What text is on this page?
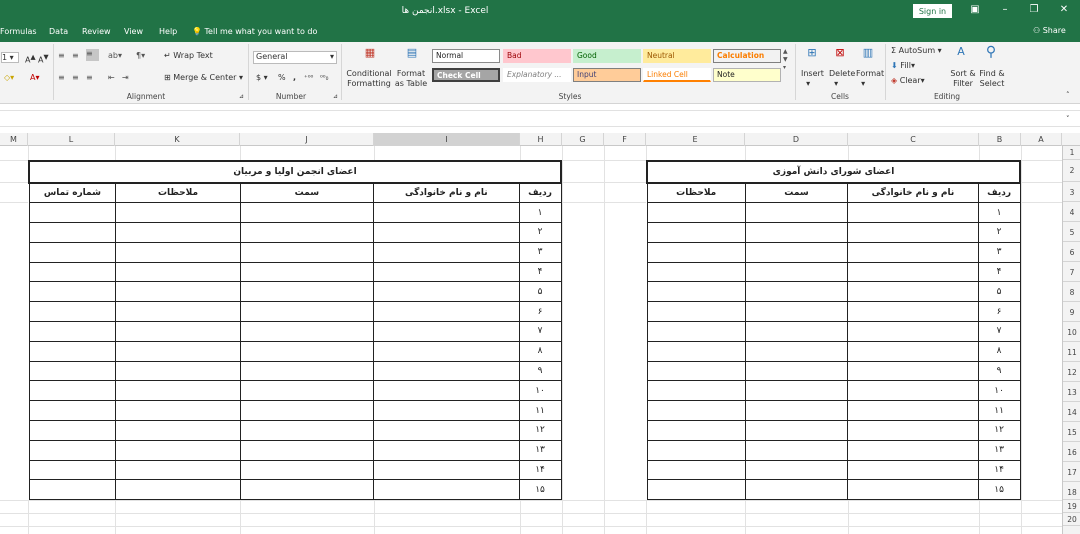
انجمن ها.xlsx - Excel	Sign in	▣	–	❐	✕
Formulas Data Review View Help 💡 Tell me what you want to do	⚇ Share
1 ▾	A▲ A▼
◇▾ A▾
≡ ≡ ≡	ab▾ ¶▾ ↵ Wrap Text
≡ ≡ ≡ ⇤ ⇥	⊞ Merge & Center ▾
Alignment	⊿
General	▾
$ ▾ % , ⁺⁰⁰ ⁰⁰₀
Number	⊿
▦
Conditional Formatting
▤
Format as Table
Normal	Bad	Good	Neutral	Calculation
Check Cell	Explanatory ...	Input	Linked Cell	Note
▲
▼
▾
Styles
⊞
Insert
▾
⊠
Delete
▾
▥
Format
▾
Cells
Σ AutoSum ▾
⬇ Fill▾
◈ Clear▾
A

Sort & Filter
⚲
Find & Select
Editing	˄
˅
M	L	K	J	I	H	G	F	E	D	C	B	A
1
2
3
4
5
6
7
8
9
10
11
12
13
14
15
16
17
18
19
20
اعضای انجمن اولیا و مربیان				
شماره تماس	ملاحظات	سمت	نام و نام خانوادگی	ردیف
				۱
				۲
				۳
				۴
				۵
				۶
				۷
				۸
				۹
				۱۰
				۱۱
				۱۲
				۱۳
				۱۴
				۱۵
اعضای شورای دانش آموزی			
ملاحظات	سمت	نام و نام خانوادگی	ردیف
			۱
			۲
			۳
			۴
			۵
			۶
			۷
			۸
			۹
			۱۰
			۱۱
			۱۲
			۱۳
			۱۴
			۱۵
